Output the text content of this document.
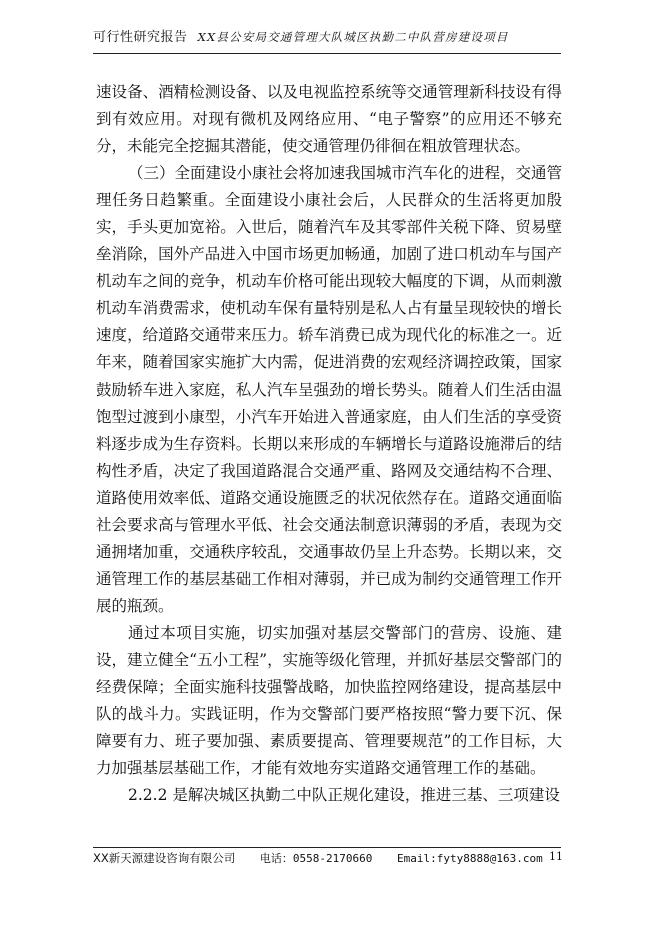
可行性研究报告 XX县公安局交通管理大队城区执勤二中队营房建设项目

速设备、酒精检测设备、以及电视监控系统等交通管理新科技设有得到有效应用。对现有微机及网络应用、“电子警察”的应用还不够充分，未能完全挖掘其潜能，使交通管理仍徘徊在粗放管理状态。

（三）全面建设小康社会将加速我国城市汽车化的进程，交通管理任务日趋繁重。全面建设小康社会后，人民群众的生活将更加殷实，手头更加宽裕。入世后，随着汽车及其零部件关税下降、贸易壁垒消除，国外产品进入中国市场更加畅通，加剧了进口机动车与国产机动车之间的竞争，机动车价格可能出现较大幅度的下调，从而刺激机动车消费需求，使机动车保有量特别是私人占有量呈现较快的增长速度，给道路交通带来压力。轿车消费已成为现代化的标准之一。近年来，随着国家实施扩大内需，促进消费的宏观经济调控政策，国家鼓励轿车进入家庭，私人汽车呈强劲的增长势头。随着人们生活由温饱型过渡到小康型，小汽车开始进入普通家庭，由人们生活的享受资料逐步成为生存资料。长期以来形成的车辆增长与道路设施滞后的结构性矛盾，决定了我国道路混合交通严重、路网及交通结构不合理、道路使用效率低、道路交通设施匮乏的状况依然存在。道路交通面临社会要求高与管理水平低、社会交通法制意识薄弱的矛盾，表现为交通拥堵加重，交通秩序较乱，交通事故仍呈上升态势。长期以来，交通管理工作的基层基础工作相对薄弱，并已成为制约交通管理工作开展的瓶颈。

通过本项目实施，切实加强对基层交警部门的营房、设施、建设，建立健全“五小工程”，实施等级化管理，并抓好基层交警部门的经费保障；全面实施科技强警战略，加快监控网络建设，提高基层中队的战斗力。实践证明，作为交警部门要严格按照“警力要下沉、保障要有力、班子要加强、素质要提高、管理要规范”的工作目标，大力加强基层基础工作，才能有效地夯实道路交通管理工作的基础。

2.2.2 是解决城区执勤二中队正规化建设，推进三基、三项建设

XX新天源建设咨询有限公司 电话：0558-2170660 Email:fyty8888@163.com 11
